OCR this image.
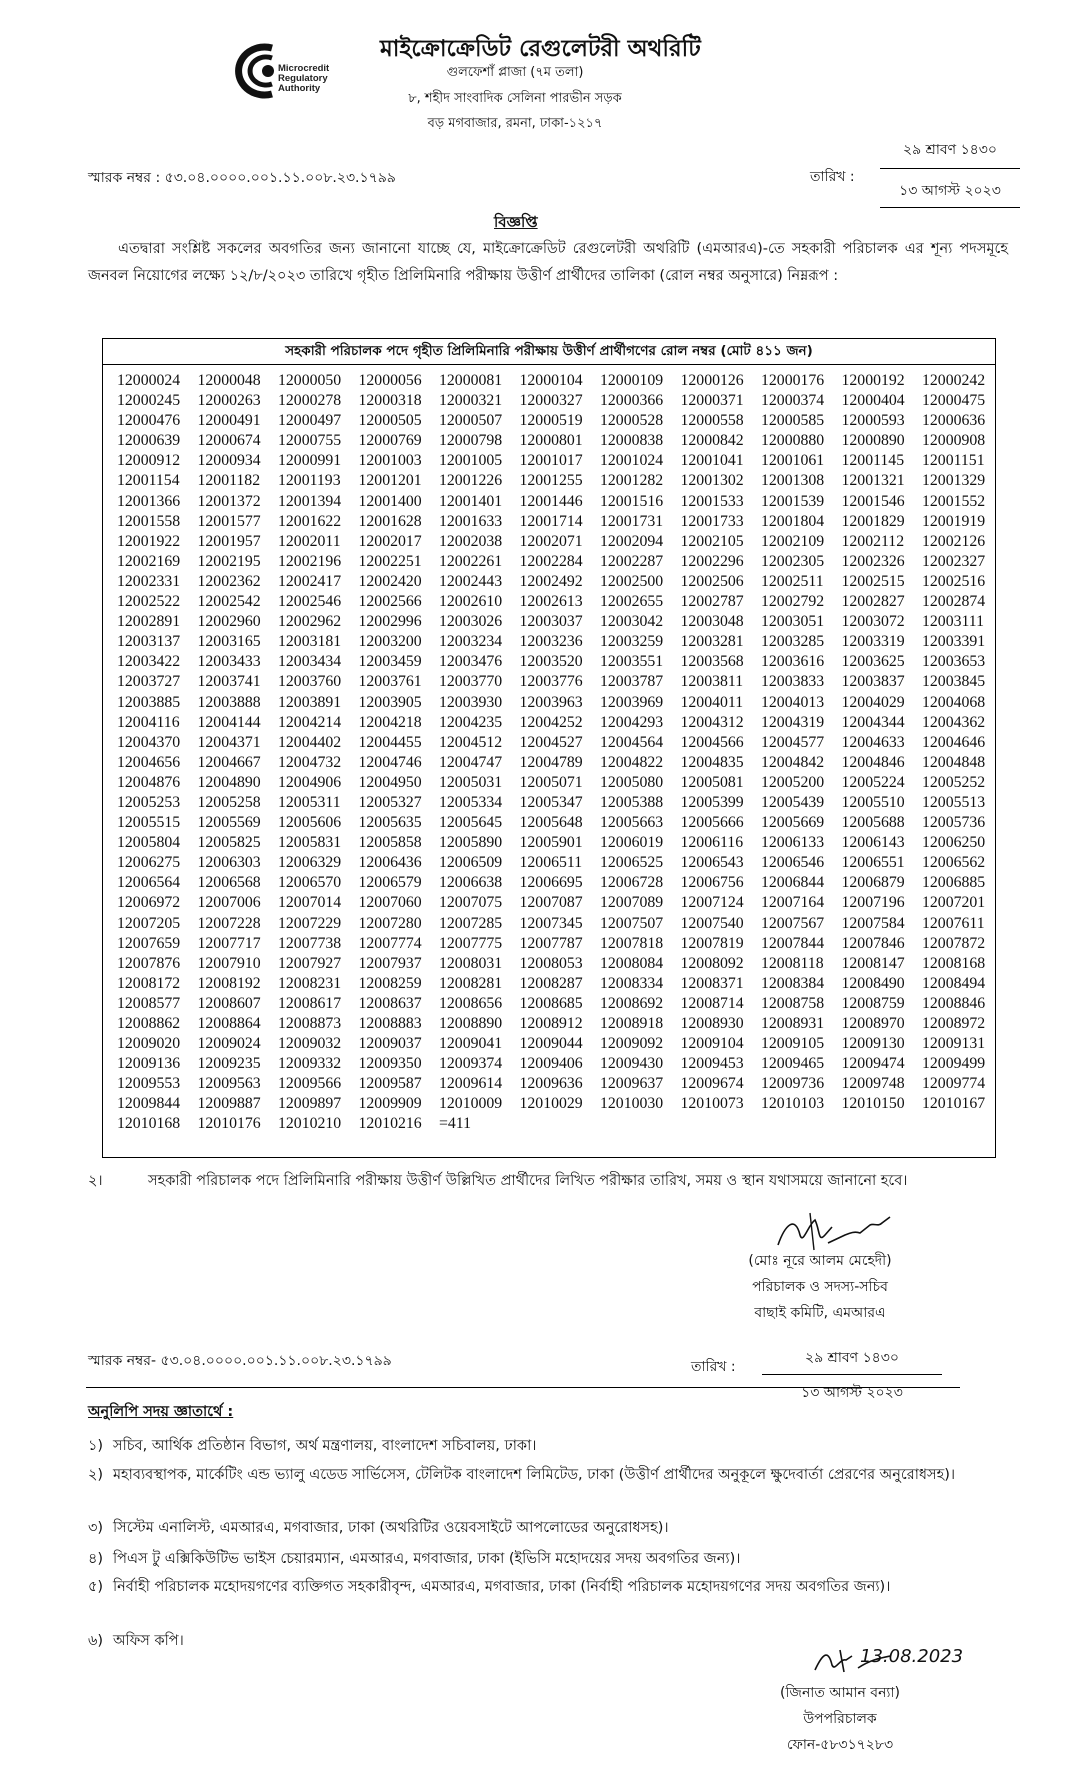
Microcredit
Regulatory
Authority
মাইক্রোক্রেডিট রেগুলেটরী অথরিটি
গুলফেশাঁ প্লাজা (৭ম তলা)
৮, শহীদ সাংবাদিক সেলিনা পারভীন সড়ক
বড় মগবাজার, রমনা, ঢাকা-১২১৭
স্মারক নম্বর : ৫৩.০৪.০০০০.০০১.১১.০০৮.২৩.১৭৯৯	তারিখ :
২৯ শ্রাবণ ১৪৩০
১৩ আগস্ট ২০২৩
বিজ্ঞপ্তি
এতদ্বারা সংশ্লিষ্ট সকলের অবগতির জন্য জানানো যাচ্ছে যে, মাইক্রোক্রেডিট রেগুলেটরী অথরিটি (এমআরএ)-তে সহকারী পরিচালক এর শূন্য পদসমূহে জনবল নিয়োগের লক্ষ্যে ১২/৮/২০২৩ তারিখে গৃহীত প্রিলিমিনারি পরীক্ষায় উত্তীর্ণ প্রার্থীদের তালিকা (রোল নম্বর অনুসারে) নিম্নরূপ :
সহকারী পরিচালক পদে গৃহীত প্রিলিমিনারি পরীক্ষায় উত্তীর্ণ প্রার্থীগণের রোল নম্বর (মোট ৪১১ জন)
12000024 12000048 12000050 12000056 12000081 12000104 12000109 12000126 12000176 12000192 12000242
12000245 12000263 12000278 12000318 12000321 12000327 12000366 12000371 12000374 12000404 12000475
12000476 12000491 12000497 12000505 12000507 12000519 12000528 12000558 12000585 12000593 12000636
12000639 12000674 12000755 12000769 12000798 12000801 12000838 12000842 12000880 12000890 12000908
12000912 12000934 12000991 12001003 12001005 12001017 12001024 12001041 12001061 12001145 12001151
12001154 12001182 12001193 12001201 12001226 12001255 12001282 12001302 12001308 12001321 12001329
12001366 12001372 12001394 12001400 12001401 12001446 12001516 12001533 12001539 12001546 12001552
12001558 12001577 12001622 12001628 12001633 12001714 12001731 12001733 12001804 12001829 12001919
12001922 12001957 12002011 12002017 12002038 12002071 12002094 12002105 12002109 12002112 12002126
12002169 12002195 12002196 12002251 12002261 12002284 12002287 12002296 12002305 12002326 12002327
12002331 12002362 12002417 12002420 12002443 12002492 12002500 12002506 12002511 12002515 12002516
12002522 12002542 12002546 12002566 12002610 12002613 12002655 12002787 12002792 12002827 12002874
12002891 12002960 12002962 12002996 12003026 12003037 12003042 12003048 12003051 12003072 12003111
12003137 12003165 12003181 12003200 12003234 12003236 12003259 12003281 12003285 12003319 12003391
12003422 12003433 12003434 12003459 12003476 12003520 12003551 12003568 12003616 12003625 12003653
12003727 12003741 12003760 12003761 12003770 12003776 12003787 12003811 12003833 12003837 12003845
12003885 12003888 12003891 12003905 12003930 12003963 12003969 12004011 12004013 12004029 12004068
12004116 12004144 12004214 12004218 12004235 12004252 12004293 12004312 12004319 12004344 12004362
12004370 12004371 12004402 12004455 12004512 12004527 12004564 12004566 12004577 12004633 12004646
12004656 12004667 12004732 12004746 12004747 12004789 12004822 12004835 12004842 12004846 12004848
12004876 12004890 12004906 12004950 12005031 12005071 12005080 12005081 12005200 12005224 12005252
12005253 12005258 12005311 12005327 12005334 12005347 12005388 12005399 12005439 12005510 12005513
12005515 12005569 12005606 12005635 12005645 12005648 12005663 12005666 12005669 12005688 12005736
12005804 12005825 12005831 12005858 12005890 12005901 12006019 12006116 12006133 12006143 12006250
12006275 12006303 12006329 12006436 12006509 12006511 12006525 12006543 12006546 12006551 12006562
12006564 12006568 12006570 12006579 12006638 12006695 12006728 12006756 12006844 12006879 12006885
12006972 12007006 12007014 12007060 12007075 12007087 12007089 12007124 12007164 12007196 12007201
12007205 12007228 12007229 12007280 12007285 12007345 12007507 12007540 12007567 12007584 12007611
12007659 12007717 12007738 12007774 12007775 12007787 12007818 12007819 12007844 12007846 12007872
12007876 12007910 12007927 12007937 12008031 12008053 12008084 12008092 12008118 12008147 12008168
12008172 12008192 12008231 12008259 12008281 12008287 12008334 12008371 12008384 12008490 12008494
12008577 12008607 12008617 12008637 12008656 12008685 12008692 12008714 12008758 12008759 12008846
12008862 12008864 12008873 12008883 12008890 12008912 12008918 12008930 12008931 12008970 12008972
12009020 12009024 12009032 12009037 12009041 12009044 12009092 12009104 12009105 12009130 12009131
12009136 12009235 12009332 12009350 12009374 12009406 12009430 12009453 12009465 12009474 12009499
12009553 12009563 12009566 12009587 12009614 12009636 12009637 12009674 12009736 12009748 12009774
12009844 12009887 12009897 12009909 12010009 12010029 12010030 12010073 12010103 12010150 12010167
12010168 12010176 12010210 12010216 =411
২।	সহকারী পরিচালক পদে প্রিলিমিনারি পরীক্ষায় উত্তীর্ণ উল্লিখিত প্রার্থীদের লিখিত পরীক্ষার তারিখ, সময় ও স্থান যথাসময়ে জানানো হবে।
(মোঃ নূরে আলম মেহেদী)
পরিচালক ও সদস্য-সচিব
বাছাই কমিটি, এমআরএ
স্মারক নম্বর- ৫৩.০৪.০০০০.০০১.১১.০০৮.২৩.১৭৯৯	তারিখ :
২৯ শ্রাবণ ১৪৩০
১৩ আগস্ট ২০২৩
অনুলিপি সদয় জ্ঞাতার্থে :
১) সচিব, আর্থিক প্রতিষ্ঠান বিভাগ, অর্থ মন্ত্রণালয়, বাংলাদেশ সচিবালয়, ঢাকা।
২) মহাব্যবস্থাপক, মার্কেটিং এন্ড ভ্যালু এডেড সার্ভিসেস, টেলিটক বাংলাদেশ লিমিটেড, ঢাকা (উত্তীর্ণ প্রার্থীদের অনুকূলে ক্ষুদেবার্তা প্রেরণের অনুরোধসহ)।
৩) সিস্টেম এনালিস্ট, এমআরএ, মগবাজার, ঢাকা (অথরিটির ওয়েবসাইটে আপলোডের অনুরোধসহ)।
৪) পিএস টু এক্সিকিউটিভ ভাইস চেয়ারম্যান, এমআরএ, মগবাজার, ঢাকা (ইভিসি মহোদয়ের সদয় অবগতির জন্য)।
৫) নির্বাহী পরিচালক মহোদয়গণের ব্যক্তিগত সহকারীবৃন্দ, এমআরএ, মগবাজার, ঢাকা (নির্বাহী পরিচালক মহোদয়গণের সদয় অবগতির জন্য)।
৬) অফিস কপি।
13.08.2023
(জিনাত আমান বন্যা)
উপপরিচালক
ফোন-৫৮৩১৭২৮৩
